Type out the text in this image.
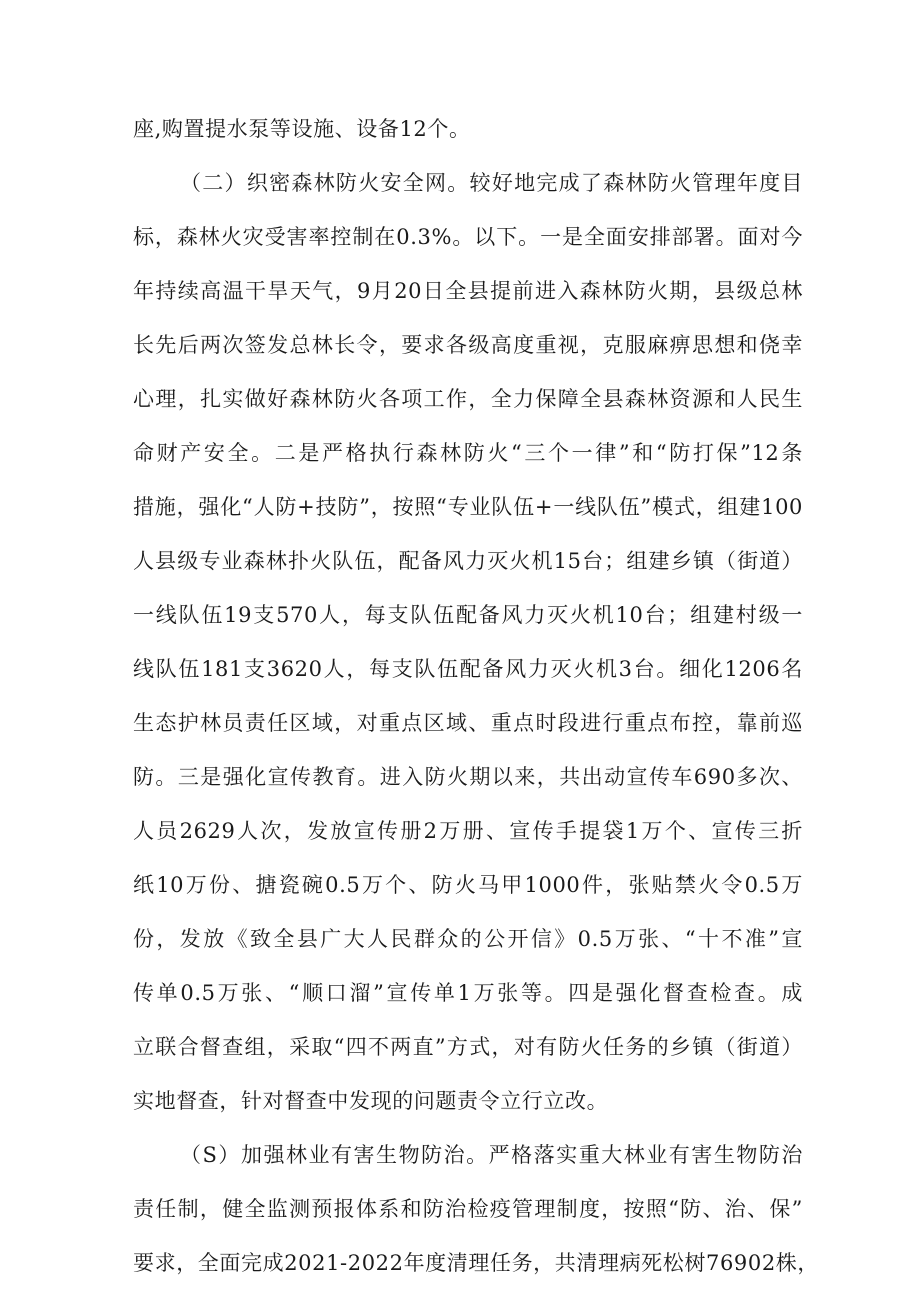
座,购置提水泵等设施、设备12个。
（二）织密森林防火安全网。较好地完成了森林防火管理年度目
标，森林火灾受害率控制在0.3%。以下。一是全面安排部署。面对今
年持续高温干旱天气，9月20日全县提前进入森林防火期，县级总林
长先后两次签发总林长令，要求各级高度重视，克服麻痹思想和侥幸
心理，扎实做好森林防火各项工作，全力保障全县森林资源和人民生
命财产安全。二是严格执行森林防火“三个一律”和“防打保”12条
措施，强化“人防+技防”，按照“专业队伍+一线队伍”模式，组建100
人县级专业森林扑火队伍，配备风力灭火机15台；组建乡镇（街道）
一线队伍19支570人，每支队伍配备风力灭火机10台；组建村级一
线队伍181支3620人，每支队伍配备风力灭火机3台。细化1206名
生态护林员责任区域，对重点区域、重点时段进行重点布控，靠前巡
防。三是强化宣传教育。进入防火期以来，共出动宣传车690多次、
人员2629人次，发放宣传册2万册、宣传手提袋1万个、宣传三折
纸10万份、搪瓷碗0.5万个、防火马甲1000件，张贴禁火令0.5万
份，发放《致全县广大人民群众的公开信》0.5万张、“十不准”宣
传单0.5万张、“顺口溜”宣传单1万张等。四是强化督查检查。成
立联合督查组，采取“四不两直”方式，对有防火任务的乡镇（街道）
实地督查，针对督查中发现的问题责令立行立改。
（S）加强林业有害生物防治。严格落实重大林业有害生物防治
责任制，健全监测预报体系和防治检疫管理制度，按照“防、治、保”
要求，全面完成2021-2022年度清理任务，共清理病死松树76902株，
